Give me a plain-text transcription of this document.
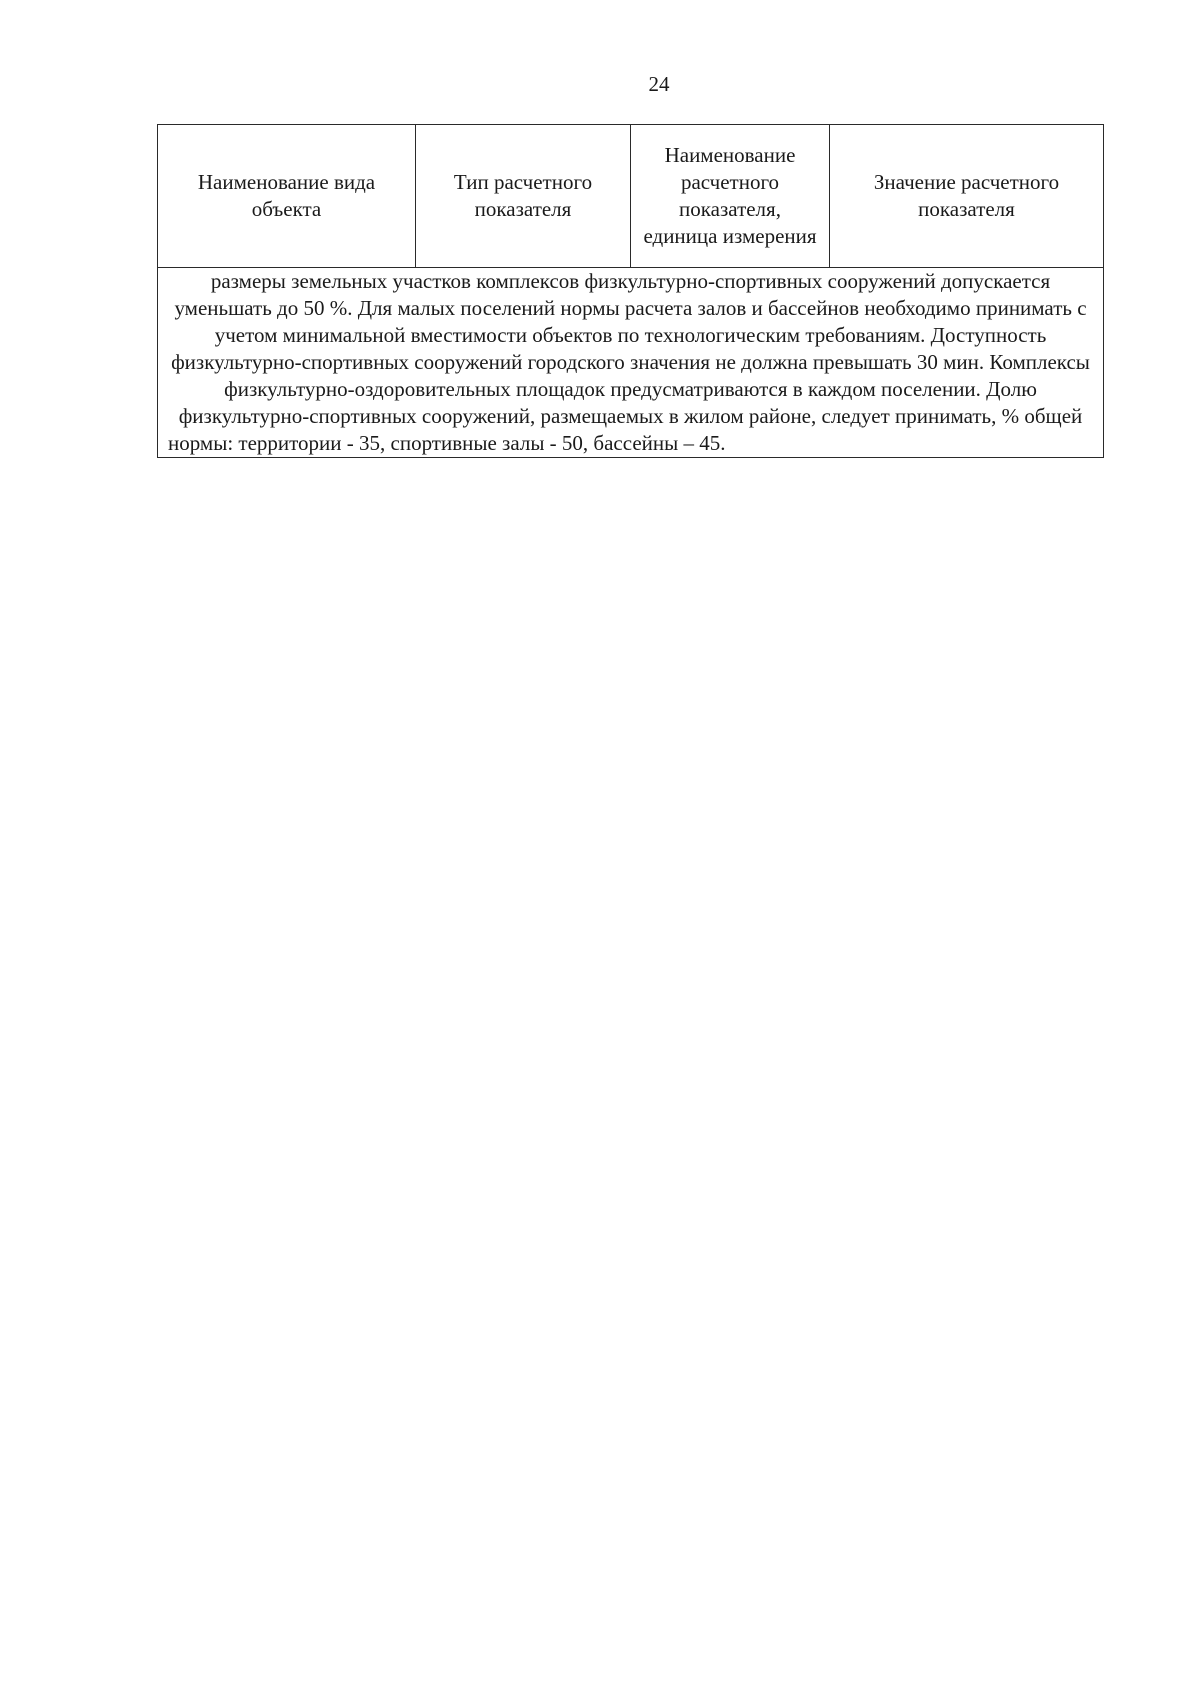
24
Наименование вида объекта	Тип расчетного показателя	Наименование расчетного показателя, единица измерения	Значение расчетного показателя
размеры земельных участков комплексов физкультурно-спортивных сооружений допускается уменьшать до 50 %. Для малых поселений нормы расчета залов и бассейнов необходимо принимать с учетом минимальной вместимости объектов по технологическим требованиям. Доступность физкультурно-спортивных сооружений городского значения не должна превышать 30 мин. Комплексы физкультурно-оздоровительных площадок предусматриваются в каждом поселении. Долю физкультурно-спортивных сооружений, размещаемых в жилом районе, следует принимать, % общей нормы: территории - 35, спортивные залы - 50, бассейны – 45.
